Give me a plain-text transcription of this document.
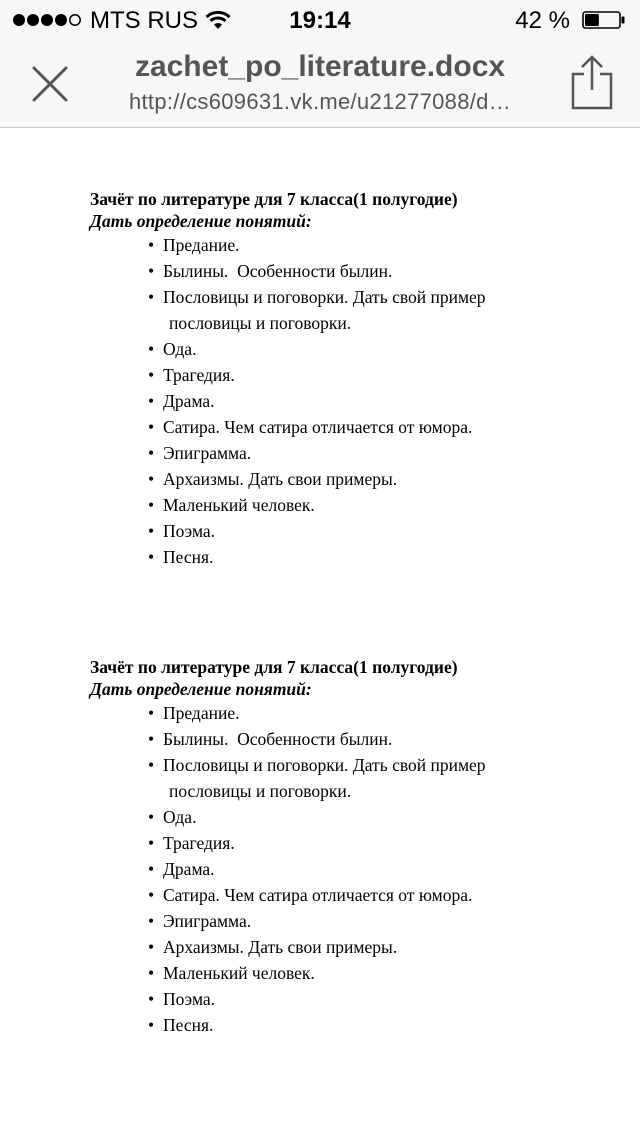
MTS RUS	19:14	42 %
zachet_po_literature.docx
http://cs609631.vk.me/u21277088/d…

Зачёт по литературе для 7 класса(1 полугодие)

Дать определение понятий:

• Предание.
• Былины.  Особенности былин.
• Пословицы и поговорки. Дать свой пример
пословицы и поговорки.
• Ода.
• Трагедия.
• Драма.
• Сатира. Чем сатира отличается от юмора.
• Эпиграмма.
• Архаизмы. Дать свои примеры.
• Маленький человек.
• Поэма.
• Песня.

Зачёт по литературе для 7 класса(1 полугодие)

Дать определение понятий:

• Предание.
• Былины.  Особенности былин.
• Пословицы и поговорки. Дать свой пример
пословицы и поговорки.
• Ода.
• Трагедия.
• Драма.
• Сатира. Чем сатира отличается от юмора.
• Эпиграмма.
• Архаизмы. Дать свои примеры.
• Маленький человек.
• Поэма.
• Песня.
